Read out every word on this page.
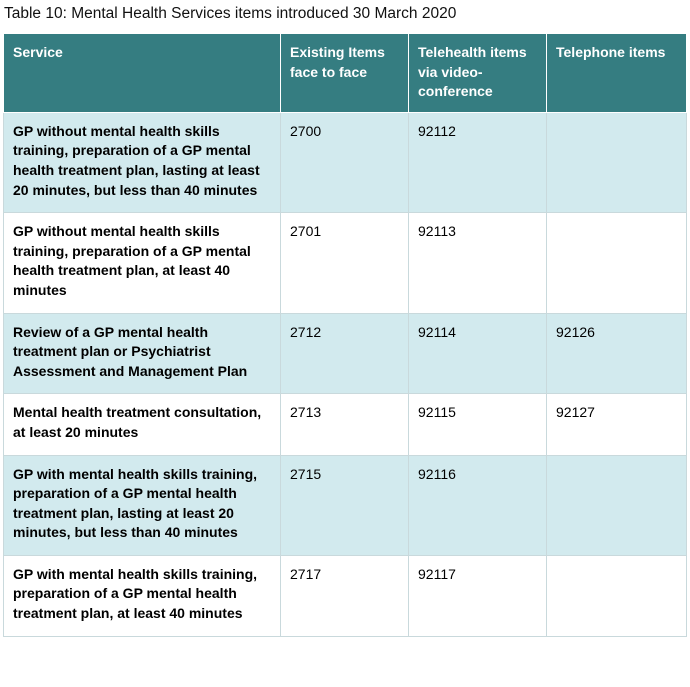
Table 10: Mental Health Services items introduced 30 March 2020
Service	Existing Items face to face	Telehealth items via video-conference	Telephone items
GP without mental health skills training, preparation of a GP mental health treatment plan, lasting at least 20 minutes, but less than 40 minutes	2700	92112	
GP without mental health skills training, preparation of a GP mental health treatment plan, at least 40 minutes	2701	92113	
Review of a GP mental health treatment plan or Psychiatrist Assessment and Management Plan	2712	92114	92126
Mental health treatment consultation, at least 20 minutes	2713	92115	92127
GP with mental health skills training, preparation of a GP mental health treatment plan, lasting at least 20 minutes, but less than 40 minutes	2715	92116	
GP with mental health skills training, preparation of a GP mental health treatment plan, at least 40 minutes	2717	92117	
